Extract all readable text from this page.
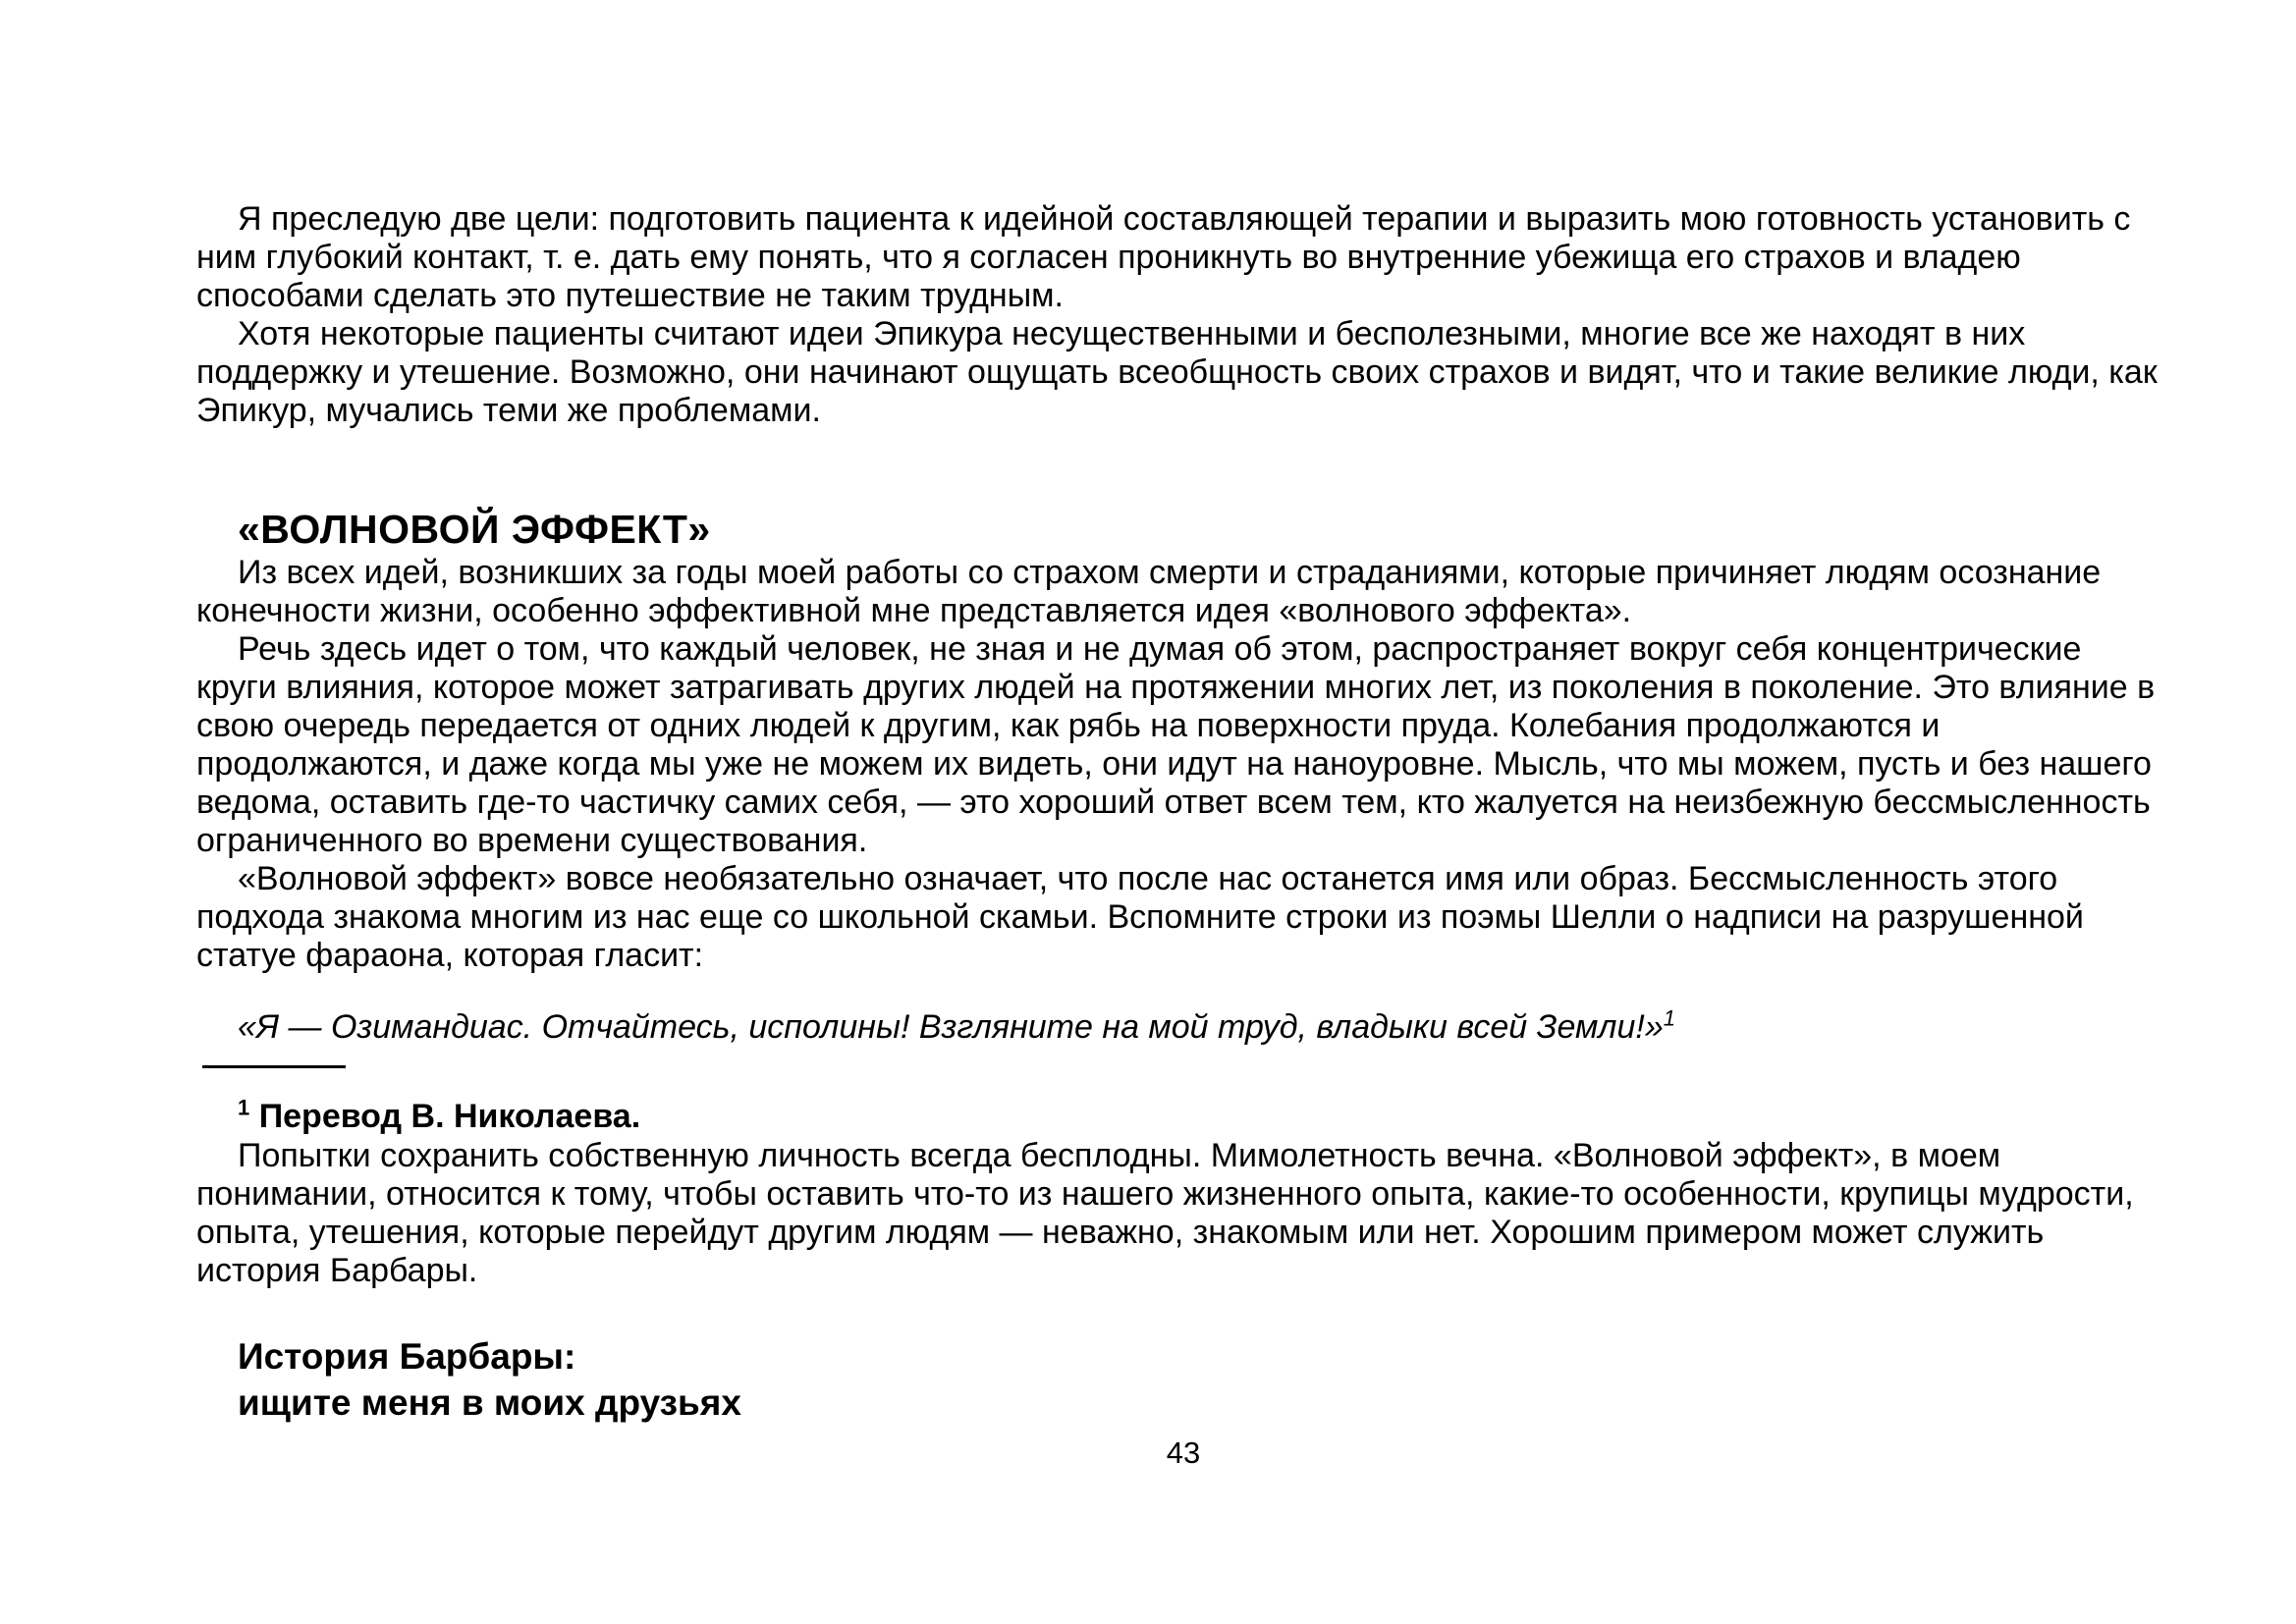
Я преследую две цели: подготовить пациента к идейной составляющей терапии и выразить мою готовность установить с ним глубокий контакт, т. е. дать ему понять, что я согласен проникнуть во внутренние убежища его страхов и владею способами сделать это путешествие не таким трудным.

Хотя некоторые пациенты считают идеи Эпикура несущественными и бесполезными, многие все же находят в них поддержку и утешение. Возможно, они начинают ощущать всеобщность своих страхов и видят, что и такие великие люди, как Эпикур, мучались теми же проблемами.

«ВОЛНОВОЙ ЭФФЕКТ»

Из всех идей, возникших за годы моей работы со страхом смерти и страданиями, которые причиняет людям осознание конечности жизни, особенно эффективной мне представляется идея «волнового эффекта».

Речь здесь идет о том, что каждый человек, не зная и не думая об этом, распространяет вокруг себя концентрические круги влияния, которое может затрагивать других людей на протяжении многих лет, из поколения в поколение. Это влияние в свою очередь передается от одних людей к другим, как рябь на поверхности пруда. Колебания продолжаются и продолжаются, и даже когда мы уже не можем их видеть, они идут на наноуровне. Мысль, что мы можем, пусть и без нашего ведома, оставить где-то частичку самих себя, — это хороший ответ всем тем, кто жалуется на неизбежную бессмысленность ограниченного во времени существования.

«Волновой эффект» вовсе необязательно означает, что после нас останется имя или образ. Бессмысленность этого подхода знакома многим из нас еще со школьной скамьи. Вспомните строки из поэмы Шелли о надписи на разрушенной статуе фараона, которая гласит:

«Я — Озимандиас. Отчайтесь, исполины! Взгляните на мой труд, владыки всей Земли!»$^1$

$^1$ Перевод В. Николаева.

Попытки сохранить собственную личность всегда бесплодны. Мимолетность вечна. «Волновой эффект», в моем понимании, относится к тому, чтобы оставить что-то из нашего жизненного опыта, какие-то особенности, крупицы мудрости, опыта, утешения, которые перейдут другим людям — неважно, знакомым или нет. Хорошим примером может служить история Барбары.

История Барбары:
ищите меня в моих друзьях
43
